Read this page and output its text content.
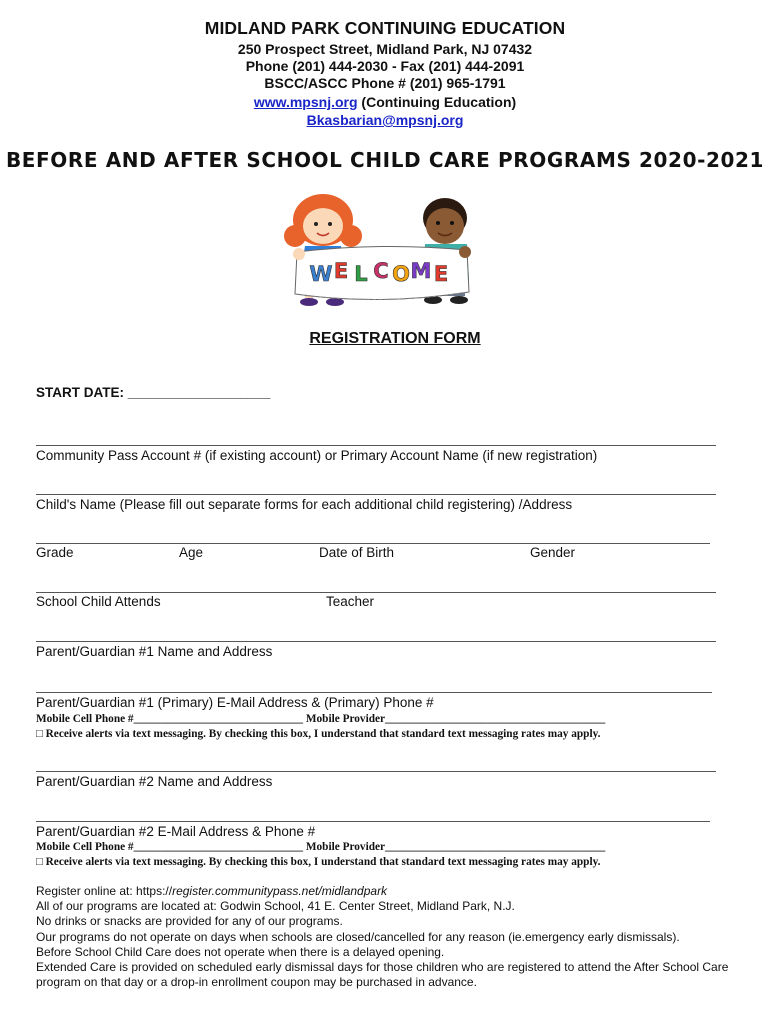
MIDLAND PARK CONTINUING EDUCATION
250 Prospect Street, Midland Park, NJ 07432
Phone (201) 444-2030 - Fax (201) 444-2091
BSCC/ASCC Phone # (201) 965-1791
www.mpsnj.org (Continuing Education)
Bkasbarian@mpsnj.org
BEFORE AND AFTER SCHOOL CHILD CARE PROGRAMS 2020-2021
W E L C O M E
REGISTRATION FORM
START DATE: ___________________
Community Pass Account # (if existing account) or Primary Account Name (if new registration)
Child's Name (Please fill out separate forms for each additional child registering) /Address
Grade	Age	Date of Birth	Gender
School Child Attends	Teacher
Parent/Guardian #1 Name and Address
Parent/Guardian #1 (Primary) E-Mail Address & (Primary) Phone #
Mobile Cell Phone #______________________________ Mobile Provider_______________________________________
□ Receive alerts via text messaging. By checking this box, I understand that standard text messaging rates may apply.
Parent/Guardian #2 Name and Address
Parent/Guardian #2 E-Mail Address & Phone #
Mobile Cell Phone #______________________________ Mobile Provider_______________________________________
□ Receive alerts via text messaging. By checking this box, I understand that standard text messaging rates may apply.
Register online at: https://register.communitypass.net/midlandpark
All of our programs are located at: Godwin School, 41 E. Center Street, Midland Park, N.J.
No drinks or snacks are provided for any of our programs.
Our programs do not operate on days when schools are closed/cancelled for any reason (ie.emergency early dismissals).
Before School Child Care does not operate when there is a delayed opening.
Extended Care is provided on scheduled early dismissal days for those children who are registered to attend the After School Care program on that day or a drop-in enrollment coupon may be purchased in advance.
